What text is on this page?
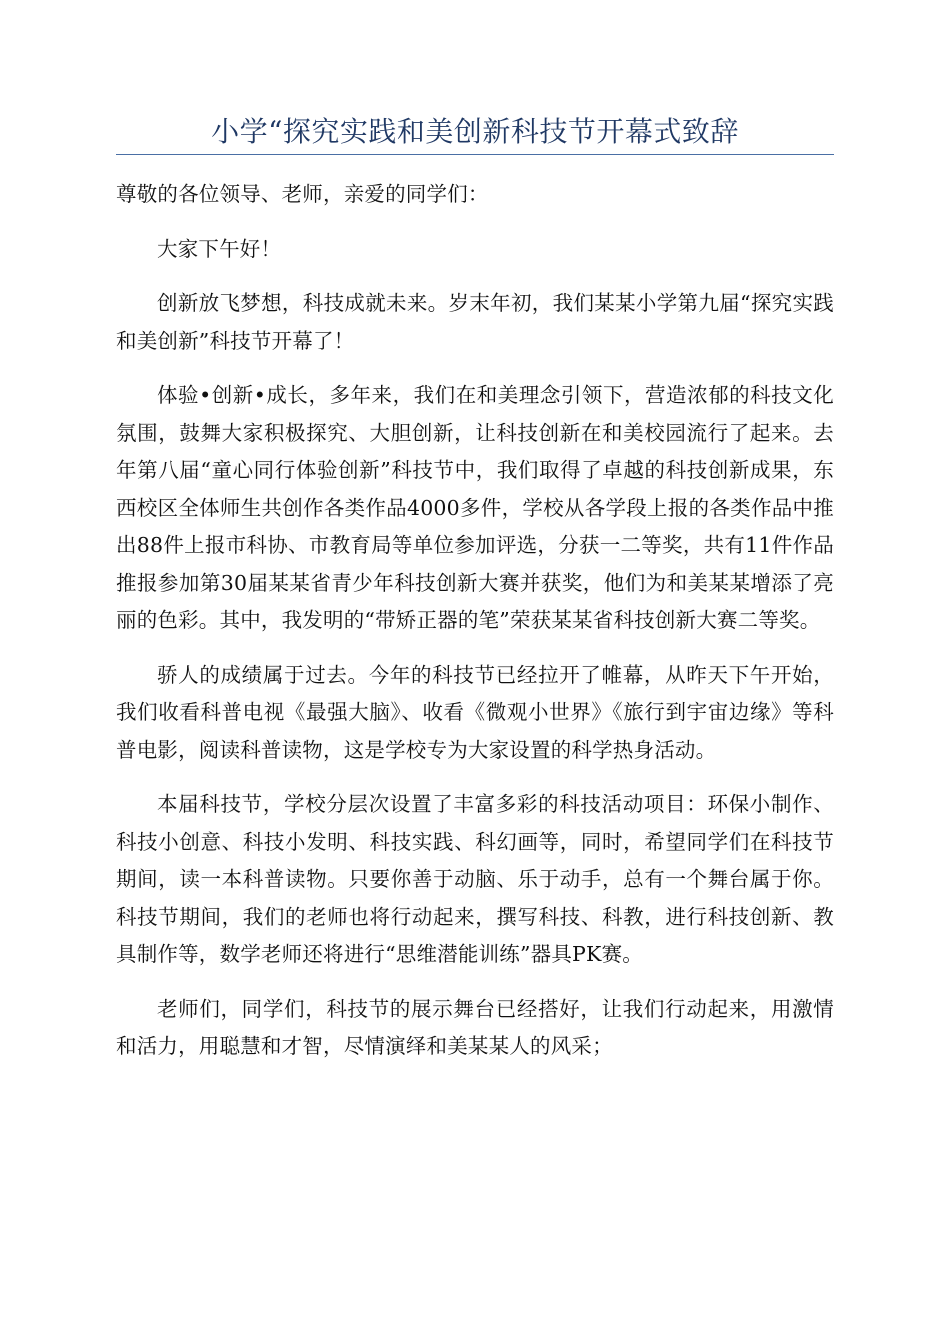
小学“探究实践和美创新科技节开幕式致辞

尊敬的各位领导、老师，亲爱的同学们：

大家下午好！

创新放飞梦想，科技成就未来。岁末年初，我们某某小学第九届“探究实践和美创新”科技节开幕了！

体验•创新•成长，多年来，我们在和美理念引领下，营造浓郁的科技文化氛围，鼓舞大家积极探究、大胆创新，让科技创新在和美校园流行了起来。去年第八届“童心同行体验创新”科技节中，我们取得了卓越的科技创新成果，东西校区全体师生共创作各类作品4000多件，学校从各学段上报的各类作品中推出88件上报市科协、市教育局等单位参加评选，分获一二等奖，共有11件作品推报参加第30届某某省青少年科技创新大赛并获奖，他们为和美某某增添了亮丽的色彩。其中，我发明的“带矫正器的笔”荣获某某省科技创新大赛二等奖。

骄人的成绩属于过去。今年的科技节已经拉开了帷幕，从昨天下午开始，我们收看科普电视《最强大脑》、收看《微观小世界》《旅行到宇宙边缘》等科普电影，阅读科普读物，这是学校专为大家设置的科学热身活动。

本届科技节，学校分层次设置了丰富多彩的科技活动项目：环保小制作、科技小创意、科技小发明、科技实践、科幻画等，同时，希望同学们在科技节期间，读一本科普读物。只要你善于动脑、乐于动手，总有一个舞台属于你。科技节期间，我们的老师也将行动起来，撰写科技、科教，进行科技创新、教具制作等，数学老师还将进行“思维潜能训练”器具PK赛。

老师们，同学们，科技节的展示舞台已经搭好，让我们行动起来，用激情和活力，用聪慧和才智，尽情演绎和美某某人的风采；
